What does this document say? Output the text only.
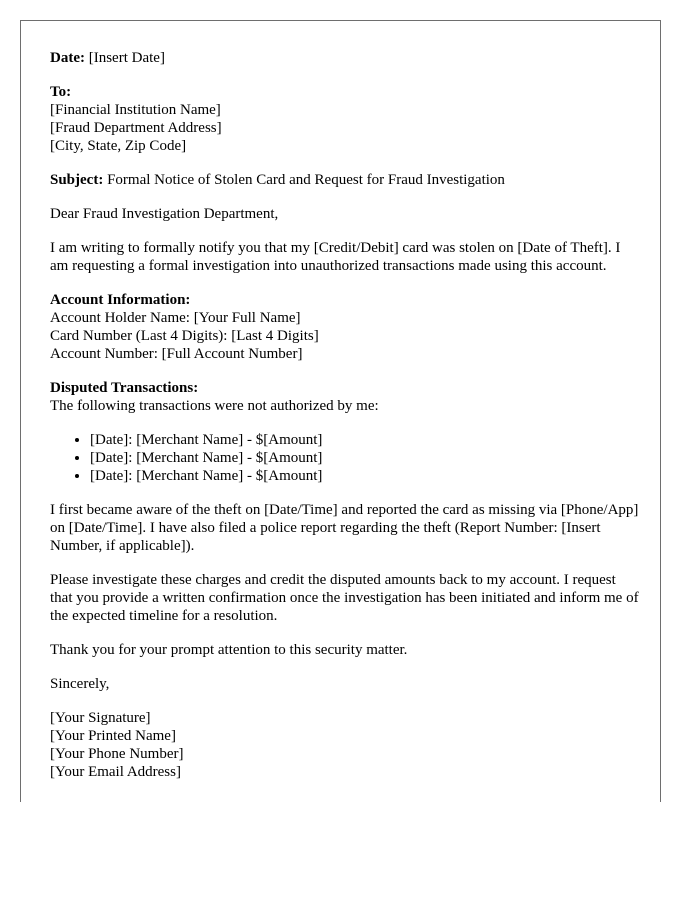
Date: [Insert Date]

To:
[Financial Institution Name]
[Fraud Department Address]
[City, State, Zip Code]

Subject: Formal Notice of Stolen Card and Request for Fraud Investigation

Dear Fraud Investigation Department,

I am writing to formally notify you that my [Credit/Debit] card was stolen on [Date of Theft]. I am requesting a formal investigation into unauthorized transactions made using this account.

Account Information:
Account Holder Name: [Your Full Name]
Card Number (Last 4 Digits): [Last 4 Digits]
Account Number: [Full Account Number]
Disputed Transactions:
The following transactions were not authorized by me:
• [Date]: [Merchant Name] - $[Amount]
• [Date]: [Merchant Name] - $[Amount]
• [Date]: [Merchant Name] - $[Amount]

I first became aware of the theft on [Date/Time] and reported the card as missing via [Phone/App] on [Date/Time]. I have also filed a police report regarding the theft (Report Number: [Insert Number, if applicable]).

Please investigate these charges and credit the disputed amounts back to my account. I request that you provide a written confirmation once the investigation has been initiated and inform me of the expected timeline for a resolution.

Thank you for your prompt attention to this security matter.

Sincerely,

[Your Signature]
[Your Printed Name]
[Your Phone Number]
[Your Email Address]
